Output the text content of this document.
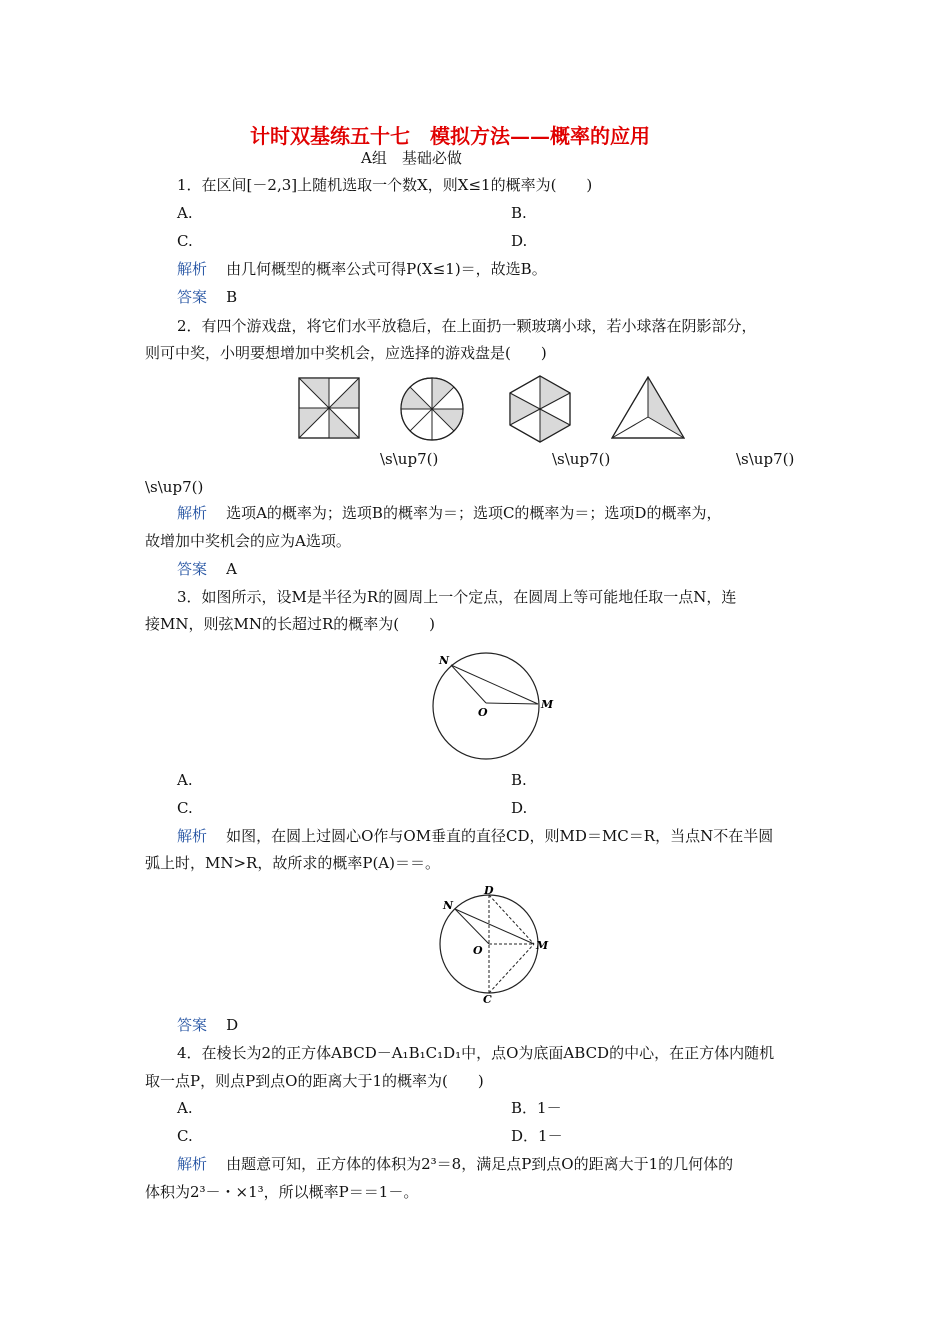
计时双基练五十七　模拟方法——概率的应用
A组　基础必做
1．在区间[－2,3]上随机选取一个数X，则X≤1的概率为(　　)
A.	B.
C.	D.
解析 由几何概型的概率公式可得P(X≤1)＝，故选B。
答案 B
2．有四个游戏盘，将它们水平放稳后，在上面扔一颗玻璃小球，若小球落在阴影部分，
则可中奖，小明要想增加中奖机会，应选择的游戏盘是(　　)
\s\up7()	\s\up7()	\s\up7()
\s\up7()
解析 选项A的概率为；选项B的概率为＝；选项C的概率为＝；选项D的概率为，
故增加中奖机会的应为A选项。
答案 A
3．如图所示，设M是半径为R的圆周上一个定点，在圆周上等可能地任取一点N，连
接MN，则弦MN的长超过R的概率为(　　)
N
O
M
A.	B.
C.	D.
解析 如图，在圆上过圆心O作与OM垂直的直径CD，则MD＝MC＝R，当点N不在半圆
弧上时，MN>R，故所求的概率P(A)＝＝。
D
N
O	M
C
答案 D
4．在棱长为2的正方体ABCD－A₁B₁C₁D₁中，点O为底面ABCD的中心，在正方体内随机
取一点P，则点P到点O的距离大于1的概率为(　　)
A.	B．1－
C.	D．1－
解析 由题意可知，正方体的体积为2³＝8，满足点P到点O的距离大于1的几何体的
体积为2³－・×1³，所以概率P＝＝1－。
